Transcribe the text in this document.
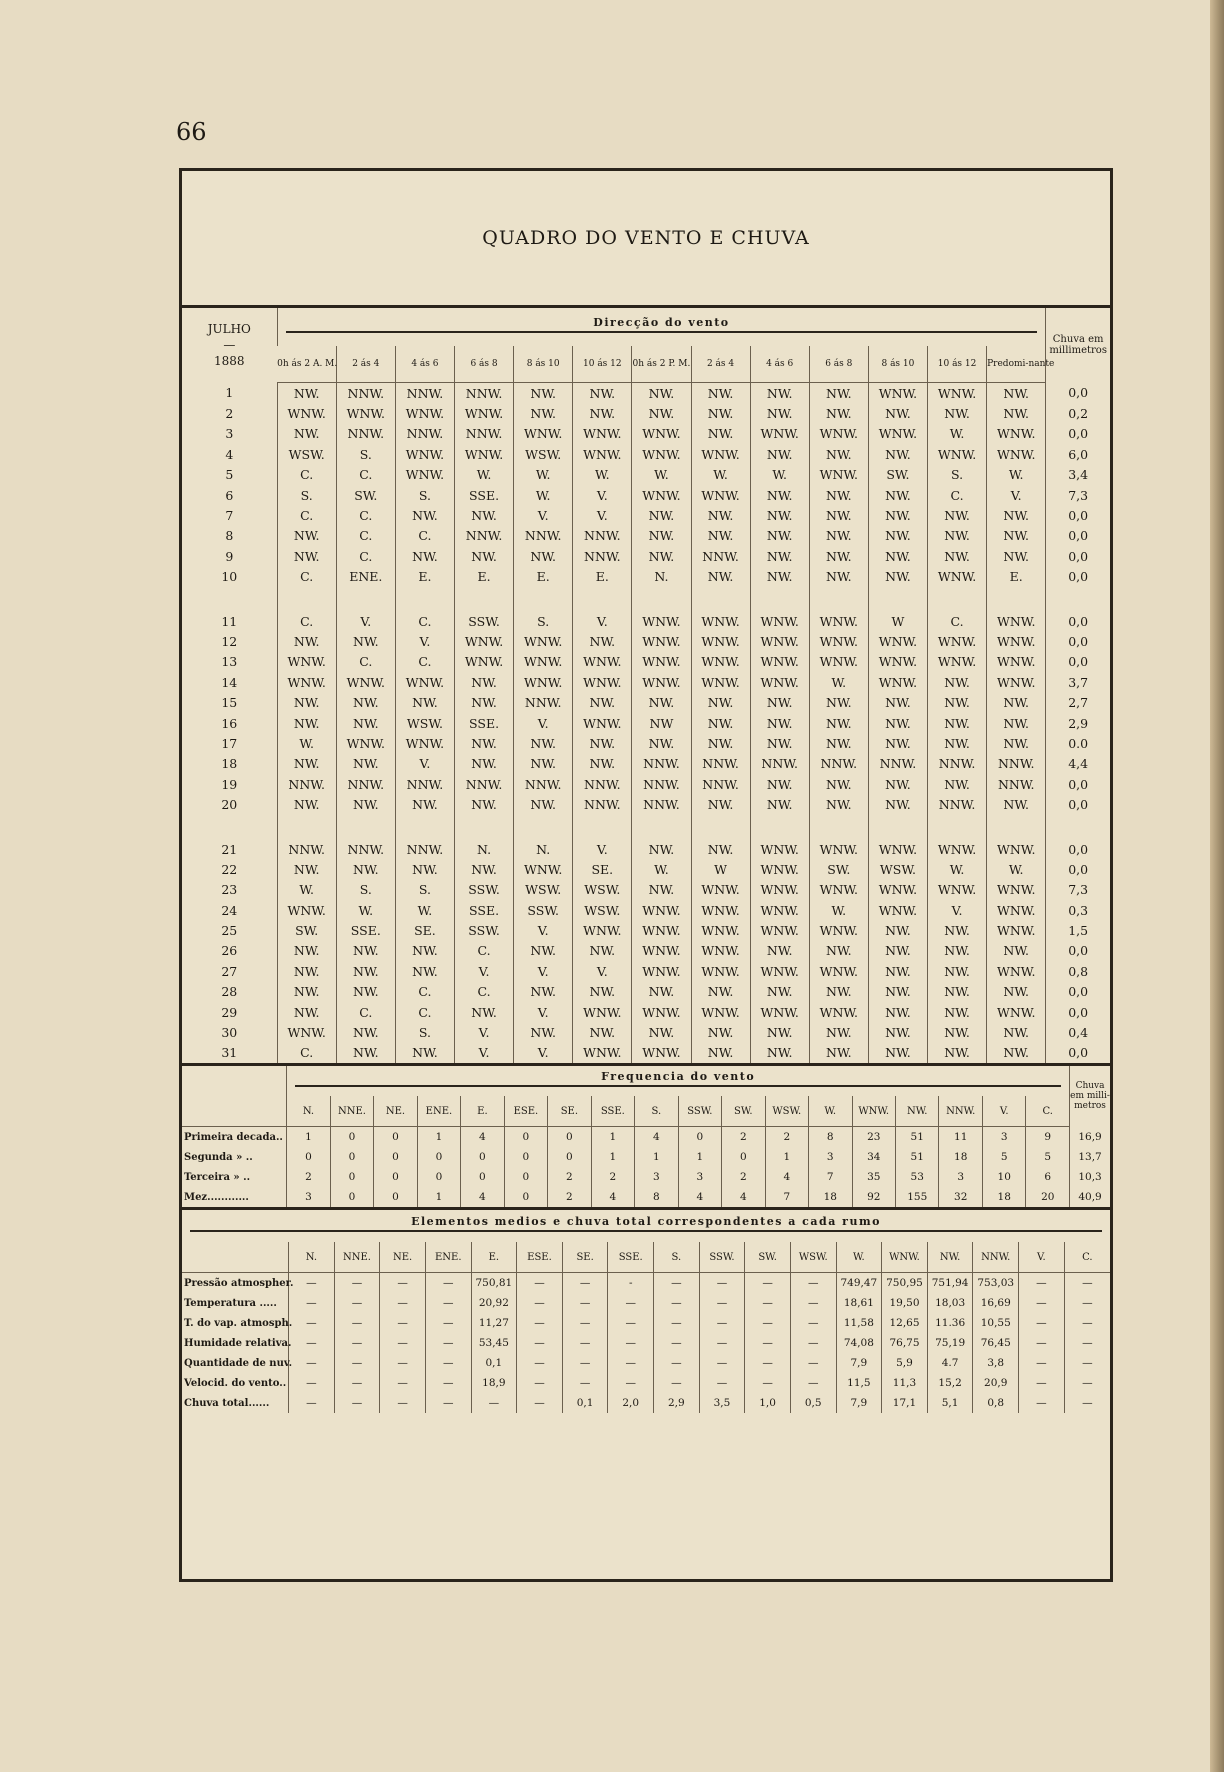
66
QUADRO DO VENTO E CHUVA
JULHO
—
1888	Direcção do vento													Chuva em millimetros
	0h ás 2 A. M.	2 ás 4	4 ás 6	6 ás 8	8 ás 10	10 ás 12	0h ás 2 P. M.	2 ás 4	4 ás 6	6 ás 8	8 ás 10	10 ás 12	Predomi-nante	
1	NW.	NNW.	NNW.	NNW.	NW.	NW.	NW.	NW.	NW.	NW.	WNW.	WNW.	NW.	0,0
2	WNW.	WNW.	WNW.	WNW.	NW.	NW.	NW.	NW.	NW.	NW.	NW.	NW.	NW.	0,2
3	NW.	NNW.	NNW.	NNW.	WNW.	WNW.	WNW.	NW.	WNW.	WNW.	WNW.	W.	WNW.	0,0
4	WSW.	S.	WNW.	WNW.	WSW.	WNW.	WNW.	WNW.	NW.	NW.	NW.	WNW.	WNW.	6,0
5	C.	C.	WNW.	W.	W.	W.	W.	W.	W.	WNW.	SW.	S.	W.	3,4
6	S.	SW.	S.	SSE.	W.	V.	WNW.	WNW.	NW.	NW.	NW.	C.	V.	7,3
7	C.	C.	NW.	NW.	V.	V.	NW.	NW.	NW.	NW.	NW.	NW.	NW.	0,0
8	NW.	C.	C.	NNW.	NNW.	NNW.	NW.	NW.	NW.	NW.	NW.	NW.	NW.	0,0
9	NW.	C.	NW.	NW.	NW.	NNW.	NW.	NNW.	NW.	NW.	NW.	NW.	NW.	0,0
10	C.	ENE.	E.	E.	E.	E.	N.	NW.	NW.	NW.	NW.	WNW.	E.	0,0

11	C.	V.	C.	SSW.	S.	V.	WNW.	WNW.	WNW.	WNW.	W	C.	WNW.	0,0
12	NW.	NW.	V.	WNW.	WNW.	NW.	WNW.	WNW.	WNW.	WNW.	WNW.	WNW.	WNW.	0,0
13	WNW.	C.	C.	WNW.	WNW.	WNW.	WNW.	WNW.	WNW.	WNW.	WNW.	WNW.	WNW.	0,0
14	WNW.	WNW.	WNW.	NW.	WNW.	WNW.	WNW.	WNW.	WNW.	W.	WNW.	NW.	WNW.	3,7
15	NW.	NW.	NW.	NW.	NNW.	NW.	NW.	NW.	NW.	NW.	NW.	NW.	NW.	2,7
16	NW.	NW.	WSW.	SSE.	V.	WNW.	NW	NW.	NW.	NW.	NW.	NW.	NW.	2,9
17	W.	WNW.	WNW.	NW.	NW.	NW.	NW.	NW.	NW.	NW.	NW.	NW.	NW.	0.0
18	NW.	NW.	V.	NW.	NW.	NW.	NNW.	NNW.	NNW.	NNW.	NNW.	NNW.	NNW.	4,4
19	NNW.	NNW.	NNW.	NNW.	NNW.	NNW.	NNW.	NNW.	NW.	NW.	NW.	NW.	NNW.	0,0
20	NW.	NW.	NW.	NW.	NW.	NNW.	NNW.	NW.	NW.	NW.	NW.	NNW.	NW.	0,0

21	NNW.	NNW.	NNW.	N.	N.	V.	NW.	NW.	WNW.	WNW.	WNW.	WNW.	WNW.	0,0
22	NW.	NW.	NW.	NW.	WNW.	SE.	W.	W	WNW.	SW.	WSW.	W.	W.	0,0
23	W.	S.	S.	SSW.	WSW.	WSW.	NW.	WNW.	WNW.	WNW.	WNW.	WNW.	WNW.	7,3
24	WNW.	W.	W.	SSE.	SSW.	WSW.	WNW.	WNW.	WNW.	W.	WNW.	V.	WNW.	0,3
25	SW.	SSE.	SE.	SSW.	V.	WNW.	WNW.	WNW.	WNW.	WNW.	NW.	NW.	WNW.	1,5
26	NW.	NW.	NW.	C.	NW.	NW.	WNW.	WNW.	NW.	NW.	NW.	NW.	NW.	0,0
27	NW.	NW.	NW.	V.	V.	V.	WNW.	WNW.	WNW.	WNW.	NW.	NW.	WNW.	0,8
28	NW.	NW.	C.	C.	NW.	NW.	NW.	NW.	NW.	NW.	NW.	NW.	NW.	0,0
29	NW.	C.	C.	NW.	V.	WNW.	WNW.	WNW.	WNW.	WNW.	NW.	NW.	WNW.	0,0
30	WNW.	NW.	S.	V.	NW.	NW.	NW.	NW.	NW.	NW.	NW.	NW.	NW.	0,4
31	C.	NW.	NW.	V.	V.	WNW.	WNW.	NW.	NW.	NW.	NW.	NW.	NW.	0,0

	Frequencia do vento																		Chuva em milli-metros
	N.	NNE.	NE.	ENE.	E.	ESE.	SE.	SSE.	S.	SSW.	SW.	WSW.	W.	WNW.	NW.	NNW.	V.	C.	
Primeira decada..	1	0	0	1	4	0	0	1	4	0	2	2	8	23	51	11	3	9	16,9
Segunda » ..	0	0	0	0	0	0	0	1	1	1	0	1	3	34	51	18	5	5	13,7
Terceira » ..	2	0	0	0	0	0	2	2	3	3	2	4	7	35	53	3	10	6	10,3
Mez............	3	0	0	1	4	0	2	4	8	4	4	7	18	92	155	32	18	20	40,9
Elementos medios e chuva total correspondentes a cada rumo																		

	N.	NNE.	NE.	ENE.	E.	ESE.	SE.	SSE.	S.	SSW.	SW.	WSW.	W.	WNW.	NW.	NNW.	V.	C.
Pressão atmospher.	—	—	—	—	750,81	—	—	-	—	—	—	—	749,47	750,95	751,94	753,03	—	—
Temperatura .....	—	—	—	—	20,92	—	—	—	—	—	—	—	18,61	19,50	18,03	16,69	—	—
T. do vap. atmosph.	—	—	—	—	11,27	—	—	—	—	—	—	—	11,58	12,65	11.36	10,55	—	—
Humidade relativa.	—	—	—	—	53,45	—	—	—	—	—	—	—	74,08	76,75	75,19	76,45	—	—
Quantidade de nuv.	—	—	—	—	0,1	—	—	—	—	—	—	—	7,9	5,9	4.7	3,8	—	—
Velocid. do vento..	—	—	—	—	18,9	—	—	—	—	—	—	—	11,5	11,3	15,2	20,9	—	—
Chuva total......	—	—	—	—	—	—	0,1	2,0	2,9	3,5	1,0	0,5	7,9	17,1	5,1	0,8	—	—
